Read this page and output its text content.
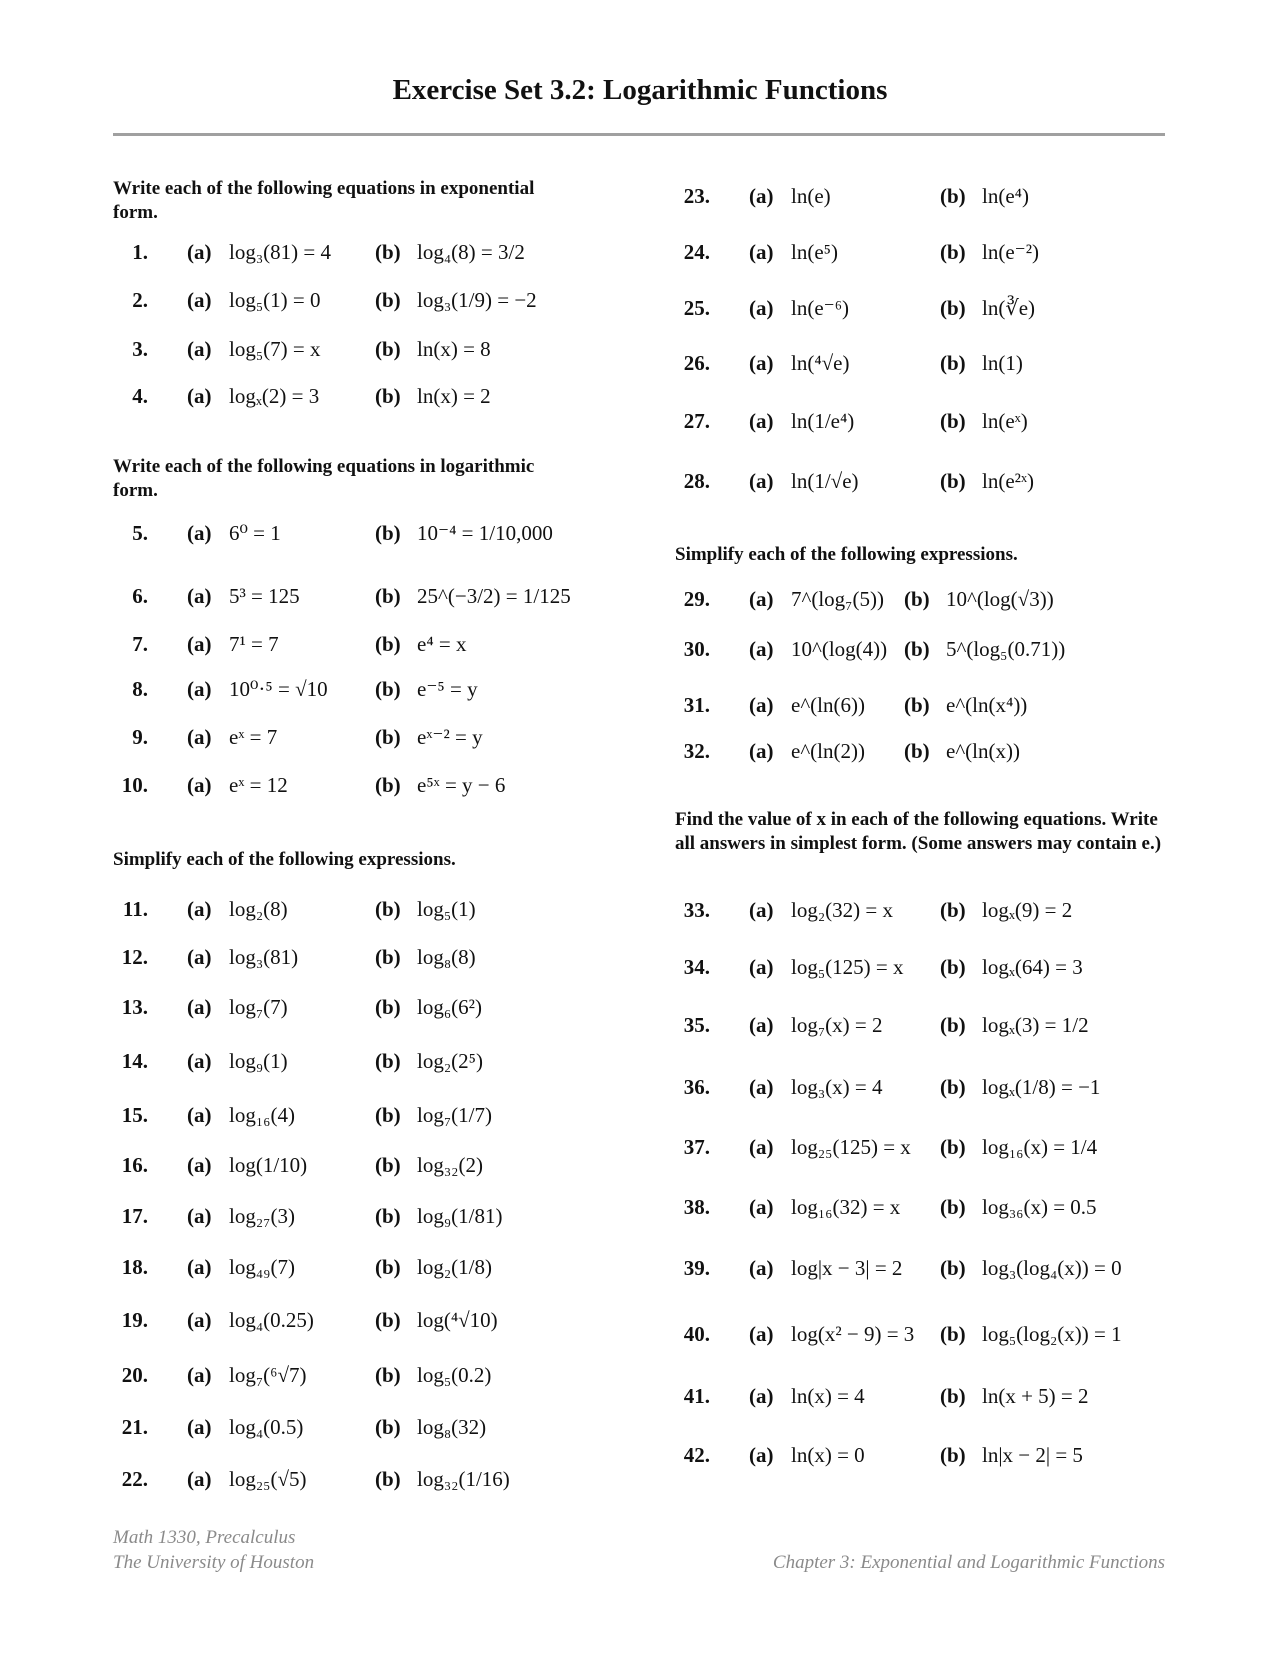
Exercise Set 3.2: Logarithmic Functions
Write each of the following equations in exponential form.
Write each of the following equations in logarithmic form.
Simplify each of the following expressions.
Simplify each of the following expressions.
Find the value of x in each of the following equations. Write all answers in simplest form. (Some answers may contain e.)
1. (a) log₃(81) = 4 (b) log₄(8) = 3/2
2. (a) log₅(1) = 0	(b) log₃(1/9) = −2
3. (a) log₅(7) = x	(b) ln(x) = 8
4. (a) logₓ(2) = 3	(b) ln(x) = 2
5. (a) 6⁰ = 1	(b) 10⁻⁴ = 1/10,000
6. (a) 5³ = 125	(b) 25^(−3/2) = 1/125
7. (a) 7¹ = 7	(b) e⁴ = x
8. (a) 10⁰·⁵ = √10 (b) e⁻⁵ = y
9. (a) eˣ = 7	(b) eˣ⁻² = y
10. (a) eˣ = 12	(b) e⁵ˣ = y − 6
11. (a) log₂(8)	(b) log₅(1)
12. (a) log₃(81)	(b) log₈(8)
13. (a) log₇(7)	(b) log₆(6²)
14. (a) log₉(1)	(b) log₂(2⁵)
15. (a) log₁₆(4)	(b) log₇(1/7)
16. (a) log(1/10)	(b) log₃₂(2)
17. (a) log₂₇(3)	(b) log₉(1/81)
18. (a) log₄₉(7)	(b) log₂(1/8)
19. (a) log₄(0.25)	(b) log(⁴√10)
20. (a) log₇(⁶√7)	(b) log₅(0.2)
21. (a) log₄(0.5)	(b) log₈(32)
22. (a) log₂₅(√5)	(b) log₃₂(1/16)
23. (a) ln(e)	(b) ln(e⁴)
24. (a) ln(e⁵)	(b) ln(e⁻²)
25. (a) ln(e⁻⁶)	(b) ln(∛e)
26. (a) ln(⁴√e)	(b) ln(1)
27. (a) ln(1/e⁴)	(b) ln(eˣ)
28. (a) ln(1/√e)	(b) ln(e²ˣ)
29. (a) 7^(log₇(5)) (b) 10^(log(√3))
30. (a) 10^(log(4)) (b) 5^(log₅(0.71))
31. (a) e^(ln(6)) (b) e^(ln(x⁴))
32. (a) e^(ln(2)) (b) e^(ln(x))
33. (a) log₂(32) = x (b) logₓ(9) = 2
34. (a) log₅(125) = x (b) logₓ(64) = 3
35. (a) log₇(x) = 2	(b) logₓ(3) = 1/2
36. (a) log₃(x) = 4	(b) logₓ(1/8) = −1
37. (a) log₂₅(125) = x (b) log₁₆(x) = 1/4
38. (a) log₁₆(32) = x (b) log₃₆(x) = 0.5
39. (a) log|x − 3| = 2 (b) log₃(log₄(x)) = 0
40. (a) log(x² − 9) = 3 (b) log₅(log₂(x)) = 1
41. (a) ln(x) = 4	(b) ln(x + 5) = 2
42. (a) ln(x) = 0	(b) ln|x − 2| = 5
Math 1330, Precalculus
The University of Houston	Chapter 3: Exponential and Logarithmic Functions
